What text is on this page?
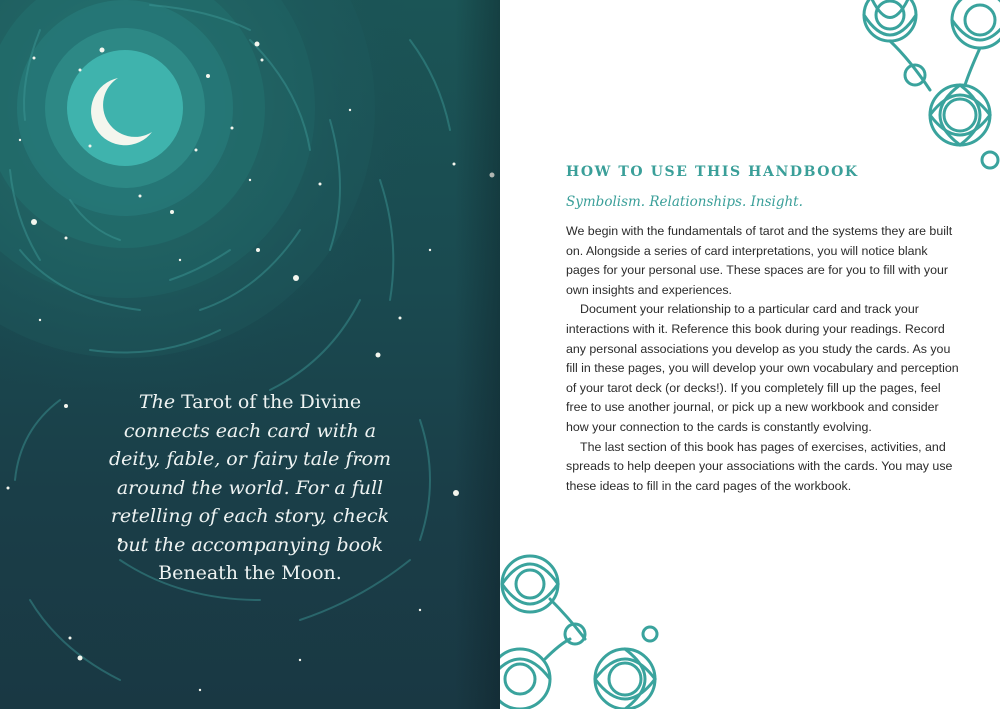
The Tarot of the Divine
connects each card with a
deity, fable, or fairy tale from
around the world. For a full
retelling of each story, check
out the accompanying book
Beneath the Moon.
HOW TO USE THIS HANDBOOK
Symbolism. Relationships. Insight.

We begin with the fundamentals of tarot and the systems they are built on. Alongside a series of card interpretations, you will notice blank pages for your personal use. These spaces are for you to fill with your own insights and experiences.

Document your relationship to a particular card and track your interactions with it. Reference this book during your readings. Record any personal associations you develop as you study the cards. As you fill in these pages, you will develop your own vocabulary and perception of your tarot deck (or decks!). If you completely fill up the pages, feel free to use another journal, or pick up a new workbook and consider how your connection to the cards is constantly evolving.

The last section of this book has pages of exercises, activities, and spreads to help deepen your associations with the cards. You may use these ideas to fill in the card pages of the workbook.
